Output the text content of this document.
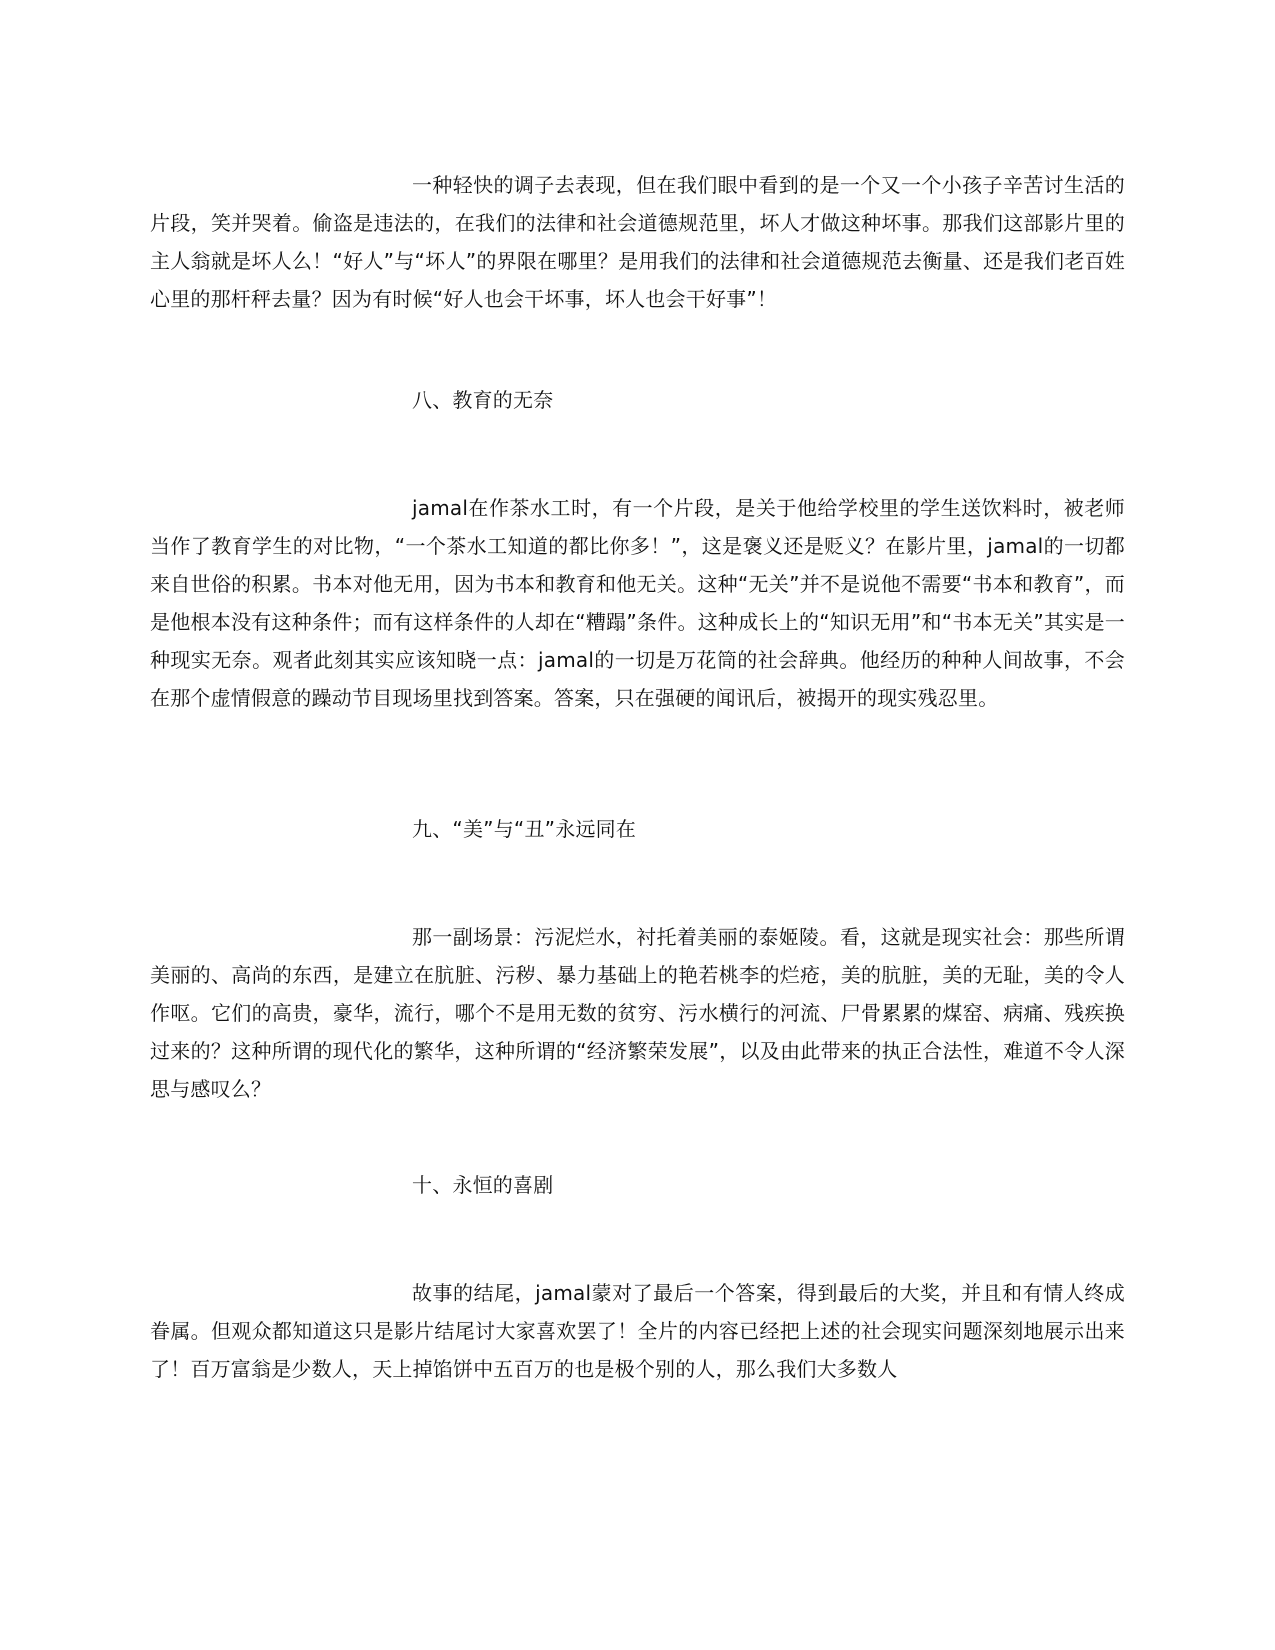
一种轻快的调子去表现，但在我们眼中看到的是一个又一个小孩子辛苦讨生活的片段，笑并哭着。偷盗是违法的，在我们的法律和社会道德规范里，坏人才做这种坏事。那我们这部影片里的主人翁就是坏人么！“好人”与“坏人”的界限在哪里？是用我们的法律和社会道德规范去衡量、还是我们老百姓心里的那杆秤去量？因为有时候“好人也会干坏事，坏人也会干好事”！

八、教育的无奈

jamal在作茶水工时，有一个片段，是关于他给学校里的学生送饮料时，被老师当作了教育学生的对比物，“一个茶水工知道的都比你多！”，这是褒义还是贬义？在影片里，jamal的一切都来自世俗的积累。书本对他无用，因为书本和教育和他无关。这种“无关”并不是说他不需要“书本和教育”，而是他根本没有这种条件；而有这样条件的人却在“糟蹋”条件。这种成长上的“知识无用”和“书本无关”其实是一种现实无奈。观者此刻其实应该知晓一点：jamal的一切是万花筒的社会辞典。他经历的种种人间故事，不会在那个虚情假意的躁动节目现场里找到答案。答案，只在强硬的闻讯后，被揭开的现实残忍里。

九、“美”与“丑”永远同在

那一副场景：污泥烂水，衬托着美丽的泰姬陵。看，这就是现实社会：那些所谓美丽的、高尚的东西，是建立在肮脏、污秽、暴力基础上的艳若桃李的烂疮，美的肮脏，美的无耻，美的令人作呕。它们的高贵，豪华，流行，哪个不是用无数的贫穷、污水横行的河流、尸骨累累的煤窑、病痛、残疾换过来的？这种所谓的现代化的繁华，这种所谓的“经济繁荣发展”，以及由此带来的执正合法性，难道不令人深思与感叹么？

十、永恒的喜剧

故事的结尾，jamal蒙对了最后一个答案，得到最后的大奖，并且和有情人终成眷属。但观众都知道这只是影片结尾讨大家喜欢罢了！全片的内容已经把上述的社会现实问题深刻地展示出来了！百万富翁是少数人，天上掉馅饼中五百万的也是极个别的人，那么我们大多数人
